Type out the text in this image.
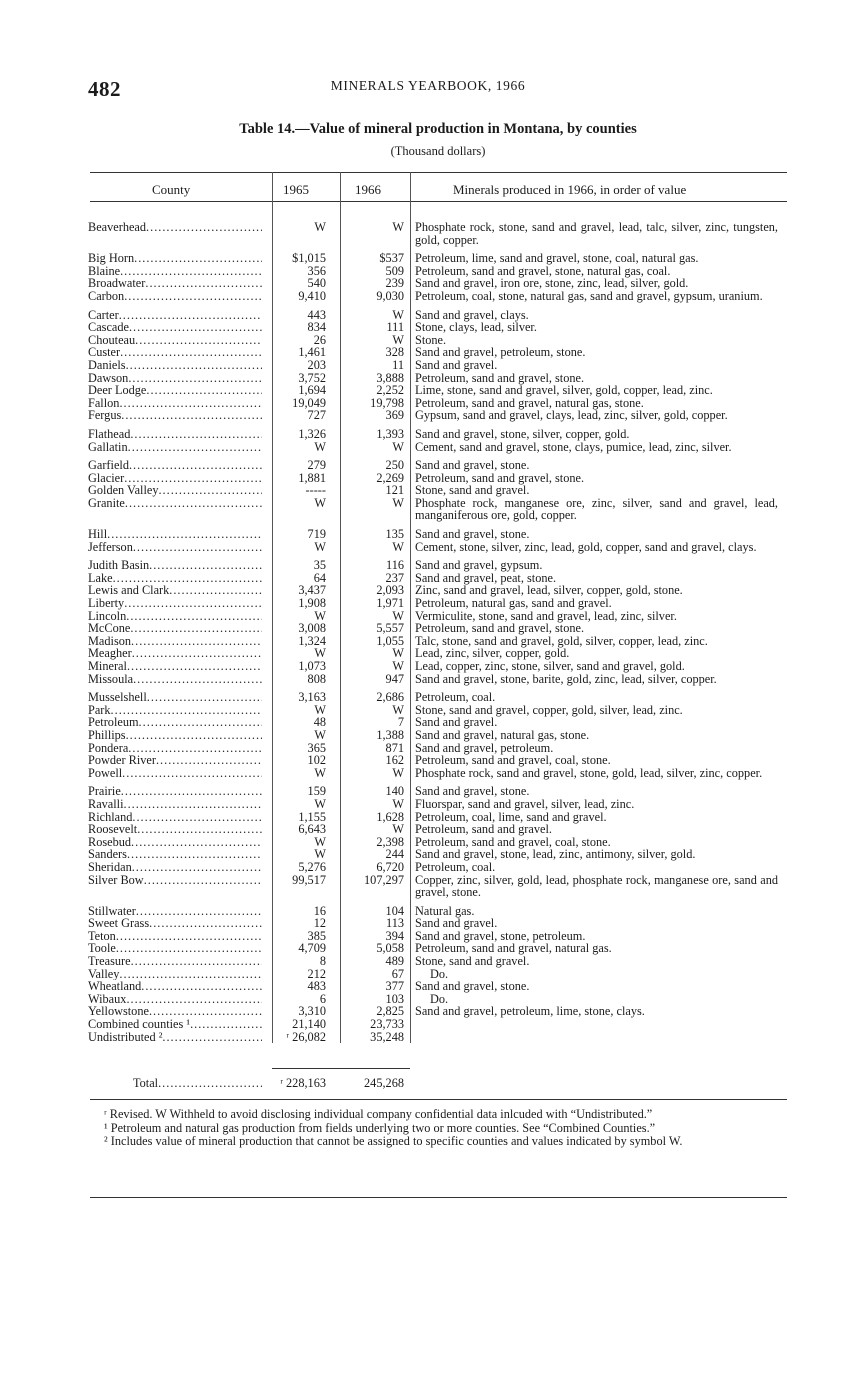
482	MINERALS YEARBOOK, 1966
Table 14.—Value of mineral production in Montana, by counties
(Thousand dollars)
County	1965	1966	Minerals produced in 1966, in order of value
Beaverhead .....	W	W Phosphate rock, stone, sand and gravel, lead, talc, silver, zinc, tungsten, gold, copper.
Big Horn .....	$1,015	$537 Petroleum, lime, sand and gravel, stone, coal, natural gas.
Blaine .....	356	509 Petroleum, sand and gravel, stone, natural gas, coal.
Broadwater .....	540	239 Sand and gravel, iron ore, stone, zinc, lead, silver, gold.
Carbon .....	9,410	9,030 Petroleum, coal, stone, natural gas, sand and gravel, gypsum, uranium.
Carter .....	443	W Sand and gravel, clays.
Cascade .....	834	111 Stone, clays, lead, silver.
Chouteau .....	26	W Stone.
Custer .....	1,461	328 Sand and gravel, petroleum, stone.
Daniels .....	203	11 Sand and gravel.
Dawson .....	3,752	3,888 Petroleum, sand and gravel, stone.
Deer Lodge .....	1,694	2,252 Lime, stone, sand and gravel, silver, gold, copper, lead, zinc.
Fallon .....	19,049	19,798 Petroleum, sand and gravel, natural gas, stone.
Fergus .....	727	369 Gypsum, sand and gravel, clays, lead, zinc, silver, gold, copper.
Flathead .....	1,326	1,393 Sand and gravel, stone, silver, copper, gold.
Gallatin .....	W	W Cement, sand and gravel, stone, clays, pumice, lead, zinc, silver.
Garfield .....	279	250 Sand and gravel, stone.
Glacier .....	1,881	2,269 Petroleum, sand and gravel, stone.
Golden Valley .....	-----	121 Stone, sand and gravel.
Granite .....	W	W Phosphate rock, manganese ore, zinc, silver, sand and gravel, lead, manganiferous ore, gold, copper.
Hill .....	719	135 Sand and gravel, stone.
Jefferson .....	W	W Cement, stone, silver, zinc, lead, gold, copper, sand and gravel, clays.
Judith Basin .....	35	116 Sand and gravel, gypsum.
Lake .....	64	237 Sand and gravel, peat, stone.
Lewis and Clark .....	3,437	2,093 Zinc, sand and gravel, lead, silver, copper, gold, stone.
Liberty .....	1,908	1,971 Petroleum, natural gas, sand and gravel.
Lincoln .....	W	W Vermiculite, stone, sand and gravel, lead, zinc, silver.
McCone .....	3,008	5,557 Petroleum, sand and gravel, stone.
Madison .....	1,324	1,055 Talc, stone, sand and gravel, gold, silver, copper, lead, zinc.
Meagher .....	W	W Lead, zinc, silver, copper, gold.
Mineral .....	1,073	W Lead, copper, zinc, stone, silver, sand and gravel, gold.
Missoula .....	808	947 Sand and gravel, stone, barite, gold, zinc, lead, silver, copper.
Musselshell .....	3,163	2,686 Petroleum, coal.
Park .....	W	W Stone, sand and gravel, copper, gold, silver, lead, zinc.
Petroleum .....	48	7 Sand and gravel.
Phillips .....	W	1,388 Sand and gravel, natural gas, stone.
Pondera .....	365	871 Sand and gravel, petroleum.
Powder River .....	102	162 Petroleum, sand and gravel, coal, stone.
Powell .....	W	W Phosphate rock, sand and gravel, stone, gold, lead, silver, zinc, copper.
Prairie .....	159	140 Sand and gravel, stone.
Ravalli .....	W	W Fluorspar, sand and gravel, silver, lead, zinc.
Richland .....	1,155	1,628 Petroleum, coal, lime, sand and gravel.
Roosevelt .....	6,643	W Petroleum, sand and gravel.
Rosebud .....	W	2,398 Petroleum, sand and gravel, coal, stone.
Sanders .....	W	244 Sand and gravel, stone, lead, zinc, antimony, silver, gold.
Sheridan .....	5,276	6,720 Petroleum, coal.
Silver Bow .....	99,517	107,297 Copper, zinc, silver, gold, lead, phosphate rock, manganese ore, sand and gravel, stone.
Stillwater .....	16	104 Natural gas.
Sweet Grass .....	12	113 Sand and gravel.
Teton .....	385	394 Sand and gravel, stone, petroleum.
Toole .....	4,709	5,058 Petroleum, sand and gravel, natural gas.
Treasure .....	8	489 Stone, sand and gravel.
Valley .....	212	67	Do.
Wheatland .....	483	377 Sand and gravel, stone.
Wibaux .....	6	103	Do.
Yellowstone .....	3,310	2,825 Sand and gravel, petroleum, lime, stone, clays.
Combined counties ¹ .....	21,140	23,733
Undistributed ² .....	ʳ 26,082	35,248
Total .....	ʳ 228,163	245,268

ʳ Revised. W Withheld to avoid disclosing individual company confidential data inlcuded with “Undistributed.”

¹ Petroleum and natural gas production from fields underlying two or more counties. See “Combined Counties.”

² Includes value of mineral production that cannot be assigned to specific counties and values indicated by symbol W.
